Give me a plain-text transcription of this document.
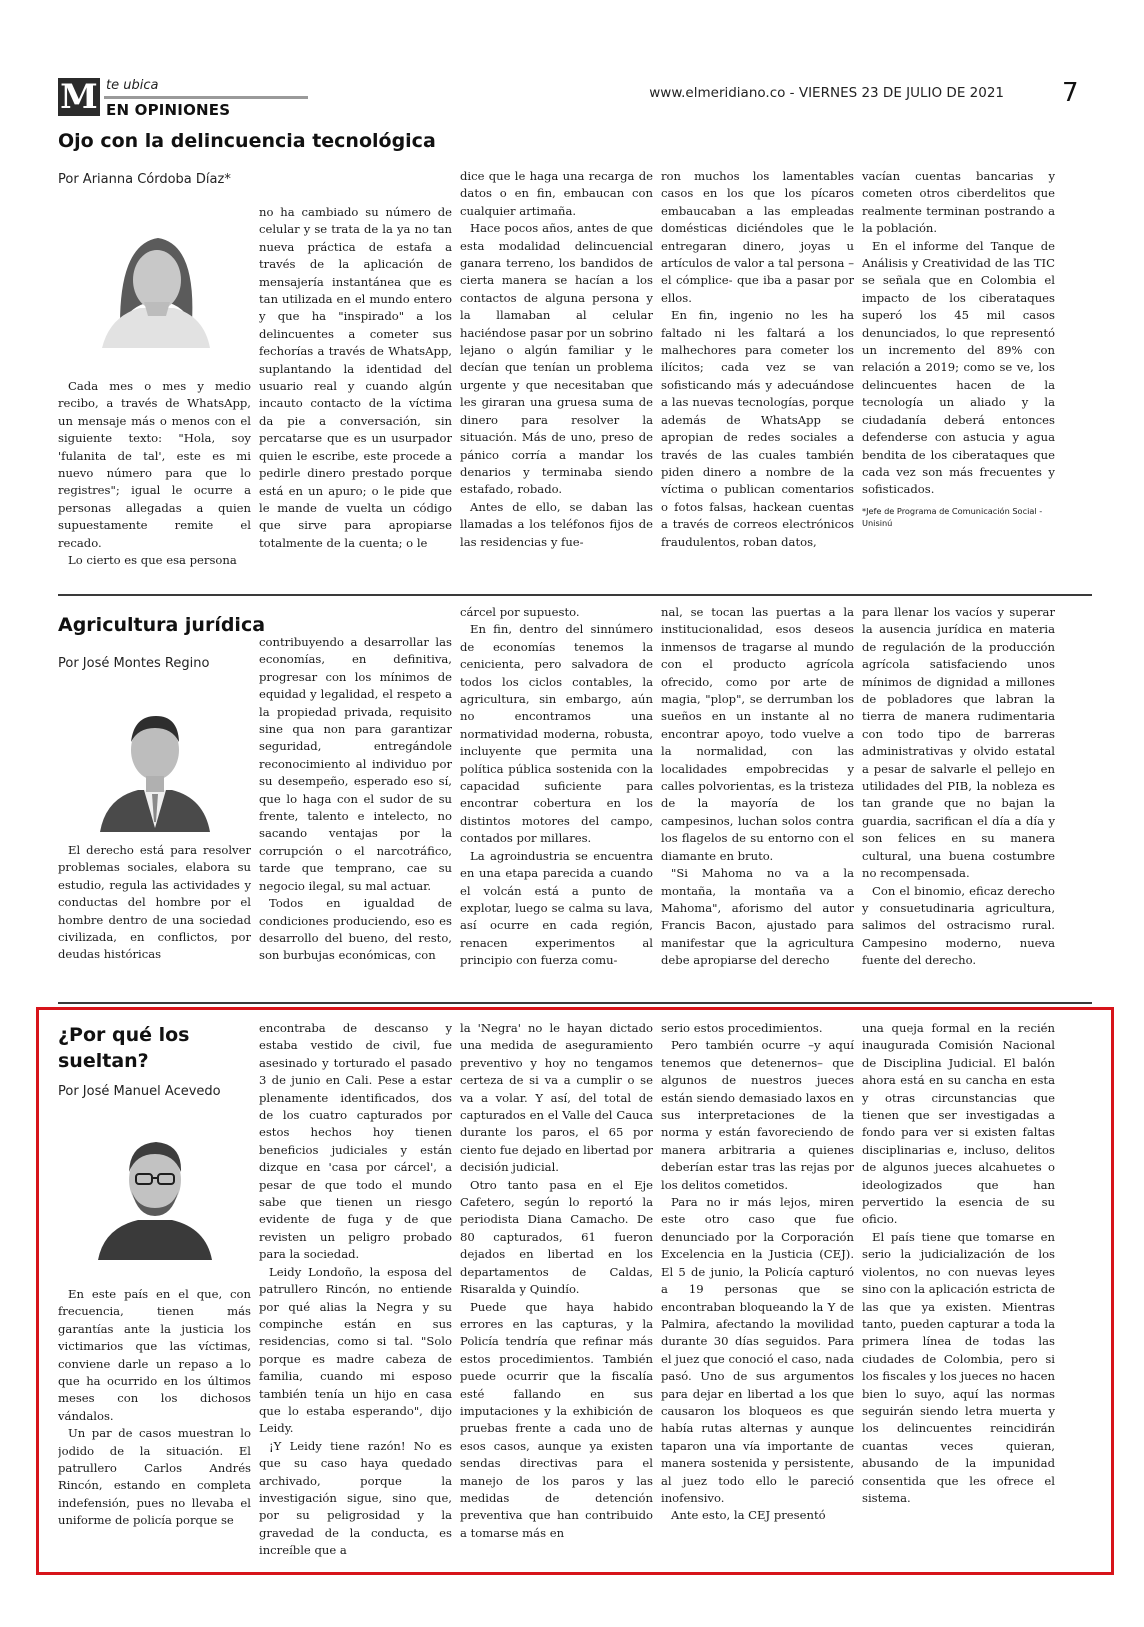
M te ubica
EN OPINIONES
www.elmeridiano.co - VIERNES 23 DE JULIO DE 2021 7
Ojo con la delincuencia tecnológica
Por Arianna Córdoba Díaz*

Cada mes o mes y medio recibo, a través de WhatsApp, un mensaje más o menos con el siguiente texto: "Hola, soy 'fulanita de tal', este es mi nuevo número para que lo registres"; igual le ocurre a personas allegadas a quien supuestamente remite el recado.

Lo cierto es que esa persona

no ha cambiado su número de celular y se trata de la ya no tan nueva práctica de estafa a través de la aplicación de mensajería instantánea que es tan utilizada en el mundo entero y que ha "inspirado" a los delincuentes a cometer sus fechorías a través de WhatsApp, suplantando la identidad del usuario real y cuando algún incauto contacto de la víctima da pie a conversación, sin percatarse que es un usurpador quien le escribe, este procede a pedirle dinero prestado porque está en un apuro; o le pide que le mande de vuelta un código que sirve para apropiarse totalmente de la cuenta; o le

dice que le haga una recarga de datos o en fin, embaucan con cualquier artimaña.

Hace pocos años, antes de que esta modalidad delincuencial ganara terreno, los bandidos de cierta manera se hacían a los contactos de alguna persona y la llamaban al celular haciéndose pasar por un sobrino lejano o algún familiar y le decían que tenían un problema urgente y que necesitaban que les giraran una gruesa suma de dinero para resolver la situación. Más de uno, preso de pánico corría a mandar los denarios y terminaba siendo estafado, robado.

Antes de ello, se daban las llamadas a los teléfonos fijos de las residencias y fue-

ron muchos los lamentables casos en los que los pícaros embaucaban a las empleadas domésticas diciéndoles que le entregaran dinero, joyas u artículos de valor a tal persona – el cómplice- que iba a pasar por ellos.

En fin, ingenio no les ha faltado ni les faltará a los malhechores para cometer los ilícitos; cada vez se van sofisticando más y adecuándose a las nuevas tecnologías, porque además de WhatsApp se apropian de redes sociales a través de las cuales también piden dinero a nombre de la víctima o publican comentarios o fotos falsas, hackean cuentas a través de correos electrónicos fraudulentos, roban datos,

vacían cuentas bancarias y cometen otros ciberdelitos que realmente terminan postrando a la población.

En el informe del Tanque de Análisis y Creatividad de las TIC se señala que en Colombia el impacto de los ciberataques superó los 45 mil casos denunciados, lo que representó un incremento del 89% con relación a 2019; como se ve, los delincuentes hacen de la tecnología un aliado y la ciudadanía deberá entonces defenderse con astucia y agua bendita de los ciberataques que cada vez son más frecuentes y sofisticados.

*Jefe de Programa de Comunicación Social - Unisinú

Agricultura jurídica
Por José Montes Regino

El derecho está para resolver problemas sociales, elabora su estudio, regula las actividades y conductas del hombre por el hombre dentro de una sociedad civilizada, en conflictos, por deudas históricas

contribuyendo a desarrollar las economías, en definitiva, progresar con los mínimos de equidad y legalidad, el respeto a la propiedad privada, requisito sine qua non para garantizar seguridad, entregándole reconocimiento al individuo por su desempeño, esperado eso sí, que lo haga con el sudor de su frente, talento e intelecto, no sacando ventajas por la corrupción o el narcotráfico, tarde que temprano, cae su negocio ilegal, su mal actuar.

Todos en igualdad de condiciones produciendo, eso es desarrollo del bueno, del resto, son burbujas económicas, con

cárcel por supuesto.

En fin, dentro del sinnúmero de economías tenemos la cenicienta, pero salvadora de todos los ciclos contables, la agricultura, sin embargo, aún no encontramos una normatividad moderna, robusta, incluyente que permita una política pública sostenida con la capacidad suficiente para encontrar cobertura en los distintos motores del campo, contados por millares.

La agroindustria se encuentra en una etapa parecida a cuando el volcán está a punto de explotar, luego se calma su lava, así ocurre en cada región, renacen experimentos al principio con fuerza comu-

nal, se tocan las puertas a la institucionalidad, esos deseos inmensos de tragarse al mundo con el producto agrícola ofrecido, como por arte de magia, "plop", se derrumban los sueños en un instante al no encontrar apoyo, todo vuelve a la normalidad, con las localidades empobrecidas y calles polvorientas, es la tristeza de la mayoría de los campesinos, luchan solos contra los flagelos de su entorno con el diamante en bruto.

"Si Mahoma no va a la montaña, la montaña va a Mahoma", aforismo del autor Francis Bacon, ajustado para manifestar que la agricultura debe apropiarse del derecho

para llenar los vacíos y superar la ausencia jurídica en materia de regulación de la producción agrícola satisfaciendo unos mínimos de dignidad a millones de pobladores que labran la tierra de manera rudimentaria con todo tipo de barreras administrativas y olvido estatal a pesar de salvarle el pellejo en utilidades del PIB, la nobleza es tan grande que no bajan la guardia, sacrifican el día a día y son felices en su manera cultural, una buena costumbre no recompensada.

Con el binomio, eficaz derecho y consuetudinaria agricultura, salimos del ostracismo rural. Campesino moderno, nueva fuente del derecho.

¿Por qué los sueltan?
Por José Manuel Acevedo

En este país en el que, con frecuencia, tienen más garantías ante la justicia los victimarios que las víctimas, conviene darle un repaso a lo que ha ocurrido en los últimos meses con los dichosos vándalos.

Un par de casos muestran lo jodido de la situación. El patrullero Carlos Andrés Rincón, estando en completa indefensión, pues no llevaba el uniforme de policía porque se

encontraba de descanso y estaba vestido de civil, fue asesinado y torturado el pasado 3 de junio en Cali. Pese a estar plenamente identificados, dos de los cuatro capturados por estos hechos hoy tienen beneficios judiciales y están dizque en 'casa por cárcel', a pesar de que todo el mundo sabe que tienen un riesgo evidente de fuga y de que revisten un peligro probado para la sociedad.

Leidy Londoño, la esposa del patrullero Rincón, no entiende por qué alias la Negra y su compinche están en sus residencias, como si tal. "Solo porque es madre cabeza de familia, cuando mi esposo también tenía un hijo en casa que lo estaba esperando", dijo Leidy.

¡Y Leidy tiene razón! No es que su caso haya quedado archivado, porque la investigación sigue, sino que, por su peligrosidad y la gravedad de la conducta, es increíble que a

la 'Negra' no le hayan dictado una medida de aseguramiento preventivo y hoy no tengamos certeza de si va a cumplir o se va a volar. Y así, del total de capturados en el Valle del Cauca durante los paros, el 65 por ciento fue dejado en libertad por decisión judicial.

Otro tanto pasa en el Eje Cafetero, según lo reportó la periodista Diana Camacho. De 80 capturados, 61 fueron dejados en libertad en los departamentos de Caldas, Risaralda y Quindío.

Puede que haya habido errores en las capturas, y la Policía tendría que refinar más estos procedimientos. También puede ocurrir que la fiscalía esté fallando en sus imputaciones y la exhibición de pruebas frente a cada uno de esos casos, aunque ya existen sendas directivas para el manejo de los paros y las medidas de detención preventiva que han contribuido a tomarse más en

serio estos procedimientos.

Pero también ocurre –y aquí tenemos que detenernos– que algunos de nuestros jueces están siendo demasiado laxos en sus interpretaciones de la norma y están favoreciendo de manera arbitraria a quienes deberían estar tras las rejas por los delitos cometidos.

Para no ir más lejos, miren este otro caso que fue denunciado por la Corporación Excelencia en la Justicia (CEJ). El 5 de junio, la Policía capturó a 19 personas que se encontraban bloqueando la Y de Palmira, afectando la movilidad durante 30 días seguidos. Para el juez que conoció el caso, nada pasó. Uno de sus argumentos para dejar en libertad a los que causaron los bloqueos es que había rutas alternas y aunque taparon una vía importante de manera sostenida y persistente, al juez todo ello le pareció inofensivo.

Ante esto, la CEJ presentó

una queja formal en la recién inaugurada Comisión Nacional de Disciplina Judicial. El balón ahora está en su cancha en esta y otras circunstancias que tienen que ser investigadas a fondo para ver si existen faltas disciplinarias e, incluso, delitos de algunos jueces alcahuetes o ideologizados que han pervertido la esencia de su oficio.

El país tiene que tomarse en serio la judicialización de los violentos, no con nuevas leyes sino con la aplicación estricta de las que ya existen. Mientras tanto, pueden capturar a toda la primera línea de todas las ciudades de Colombia, pero si los fiscales y los jueces no hacen bien lo suyo, aquí las normas seguirán siendo letra muerta y los delincuentes reincidirán cuantas veces quieran, abusando de la impunidad consentida que les ofrece el sistema.
